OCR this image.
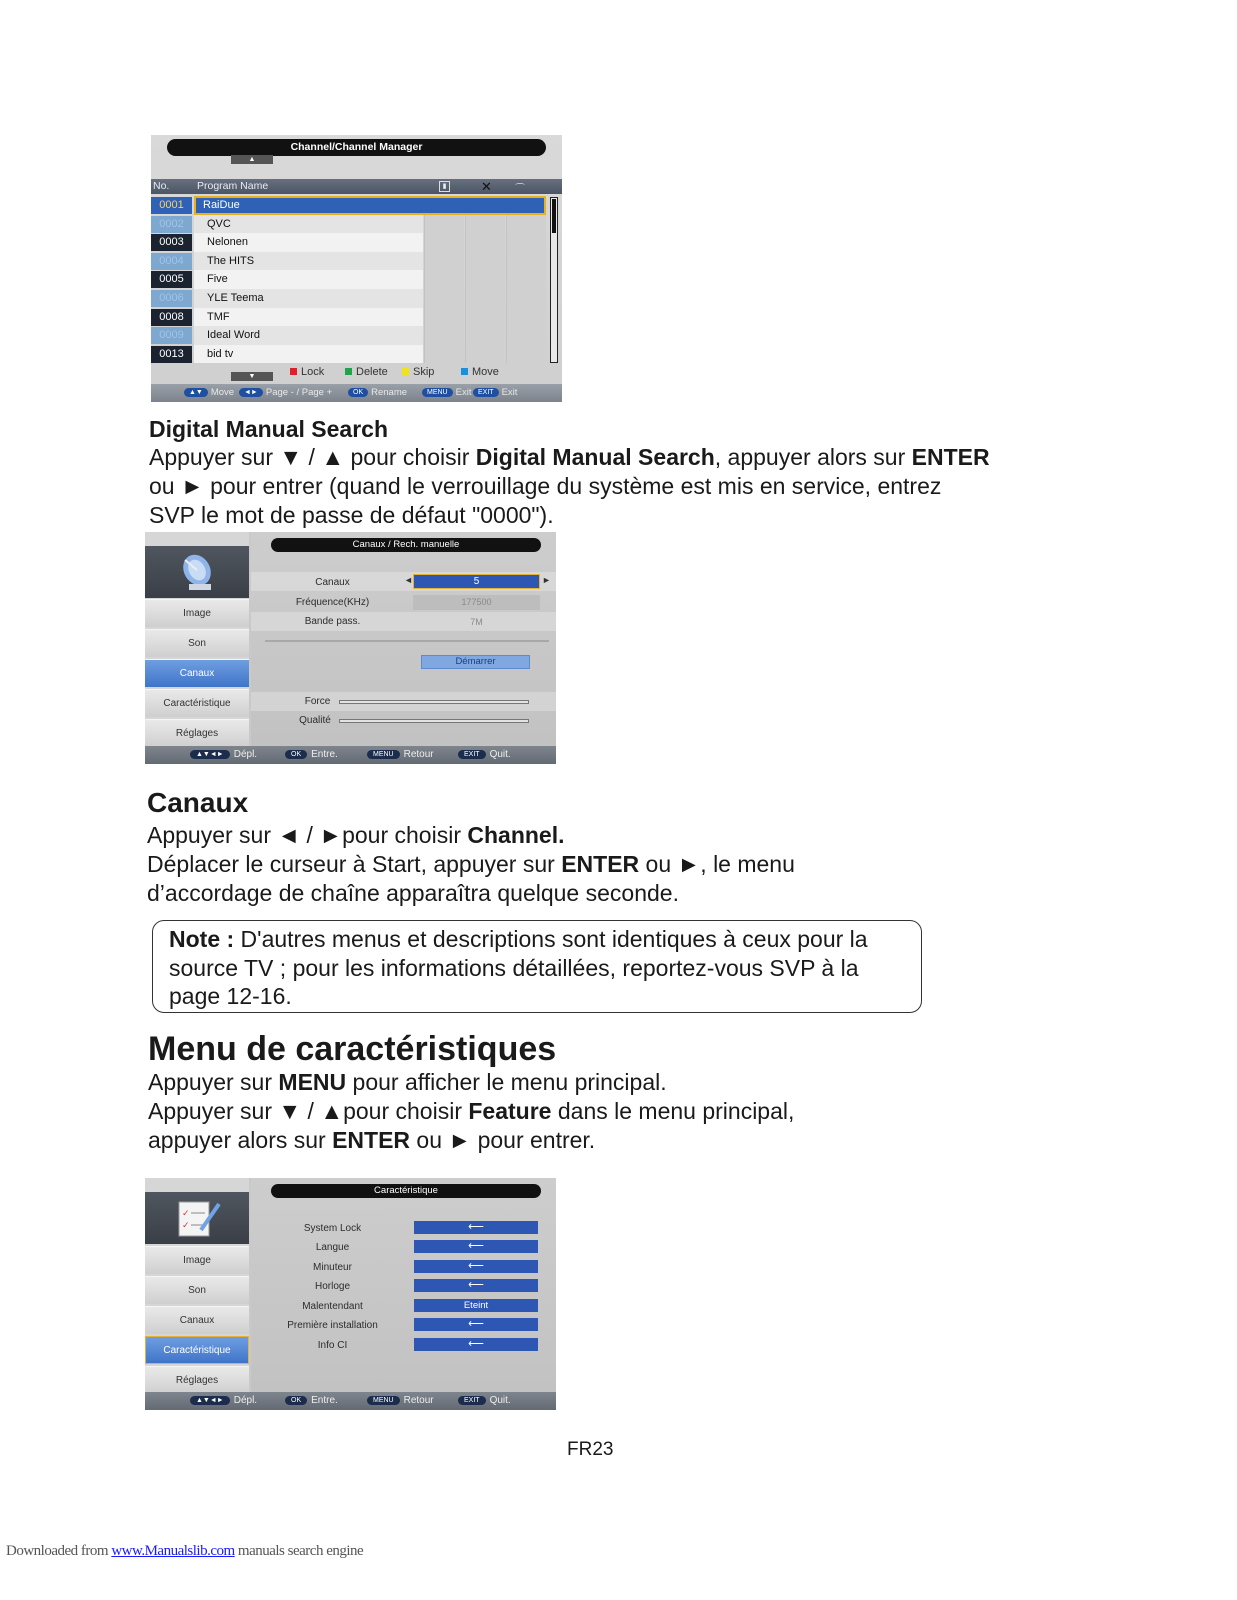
Channel/Channel Manager
▲
No.	Program Name	▮	✕ ⌒
0001	RaiDue
0002	QVC
0003	Nelonen
0004	The HITS
0005	Five
0006	YLE Teema
0008	TMF
0009	Ideal Word
0013	bid tv
▼	Lock	Delete	Skip	Move
▲▼ Move	◄► Page - / Page +	OK Rename	MENU Exit EXIT Exit
Digital Manual Search
Appuyer sur ▼ / ▲ pour choisir Digital Manual Search, appuyer alors sur ENTER
ou ► pour entrer (quand le verrouillage du système est mis en service, entrez
SVP le mot de passe de défaut "0000").
Image
Son
Canaux
Caractéristique
Réglages
Canaux / Rech. manuelle
Canaux	◄	5	►
Fréquence(KHz)	177500
Bande pass.	7M
Démarrer
Force
Qualité
▲▼◄► Dépl.	OK Entre.	MENU Retour	EXIT Quit.
Canaux
Appuyer sur ◄ / ►pour choisir Channel.
Déplacer le curseur à Start, appuyer sur ENTER ou ►, le menu
d’accordage de chaîne apparaîtra quelque seconde.
Note : D'autres menus et descriptions sont identiques à ceux pour la
source TV ; pour les informations détaillées, reportez-vous SVP à la
page 12-16.
Menu de caractéristiques
Appuyer sur MENU pour afficher le menu principal.
Appuyer sur ▼ / ▲pour choisir Feature dans le menu principal,
appuyer alors sur ENTER ou ► pour entrer.
✓
✓
Image
Son
Canaux
Caractéristique
Réglages
Caractéristique
System Lock	⟵
Langue	⟵
Minuteur	⟵
Horloge	⟵
Malentendant	Eteint
Première installation	⟵
Info CI	⟵
▲▼◄► Dépl.	OK Entre.	MENU Retour	EXIT Quit.
FR23
Downloaded from www.Manualslib.com manuals search engine
